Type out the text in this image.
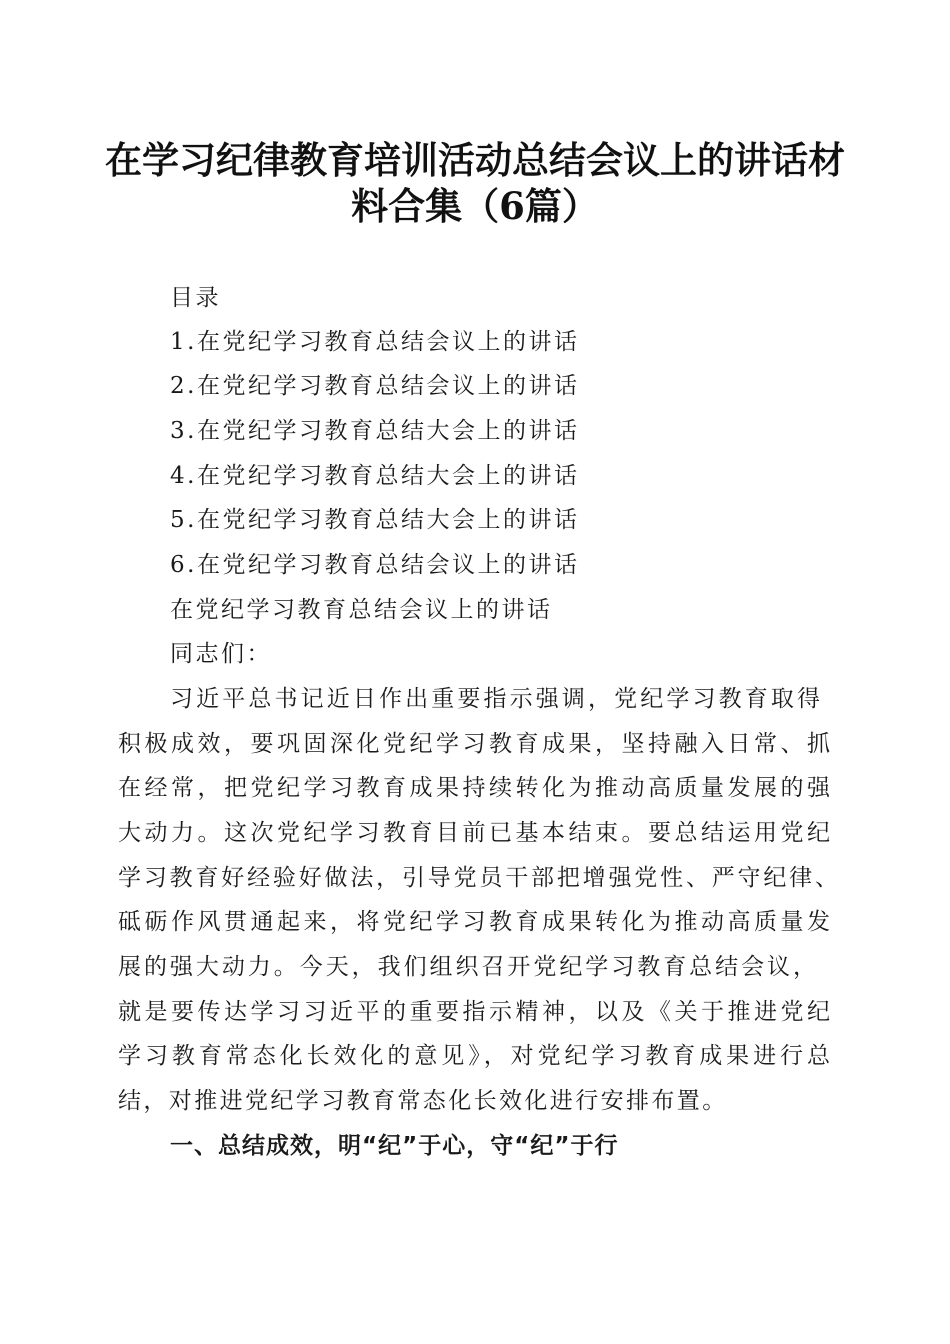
在学习纪律教育培训活动总结会议上的讲话材
料合集（6篇）
目录
1.在党纪学习教育总结会议上的讲话
2.在党纪学习教育总结会议上的讲话
3.在党纪学习教育总结大会上的讲话
4.在党纪学习教育总结大会上的讲话
5.在党纪学习教育总结大会上的讲话
6.在党纪学习教育总结会议上的讲话
在党纪学习教育总结会议上的讲话
同志们：
习近平总书记近日作出重要指示强调，党纪学习教育取得
积极成效，要巩固深化党纪学习教育成果，坚持融入日常、抓
在经常，把党纪学习教育成果持续转化为推动高质量发展的强
大动力。这次党纪学习教育目前已基本结束。要总结运用党纪
学习教育好经验好做法，引导党员干部把增强党性、严守纪律、
砥砺作风贯通起来，将党纪学习教育成果转化为推动高质量发
展的强大动力。今天，我们组织召开党纪学习教育总结会议，
就是要传达学习习近平的重要指示精神，以及《关于推进党纪
学习教育常态化长效化的意见》，对党纪学习教育成果进行总
结，对推进党纪学习教育常态化长效化进行安排布置。
一、总结成效，明“纪”于心，守“纪”于行
